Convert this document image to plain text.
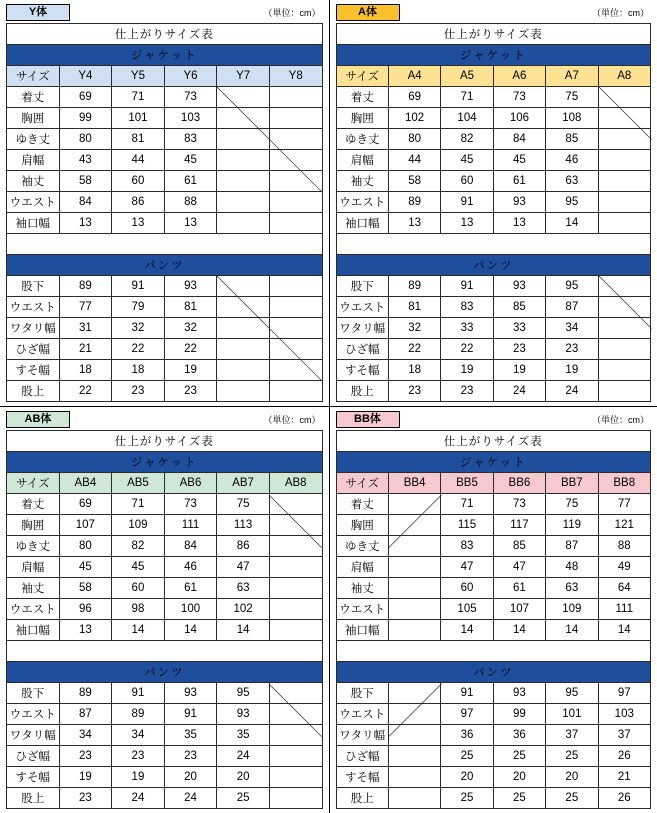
Y体	（単位：cm）
仕上がりサイズ表					
ジャケット					
サイズ	Y4	Y5	Y6	Y7	Y8
着丈	69	71	73		
胸囲	99	101	103		
ゆき丈	80	81	83		
肩幅	43	44	45		
袖丈	58	60	61		
ウエスト	84	86	88		
袖口幅	13	13	13		

パンツ					
股下	89	91	93		
ウエスト	77	79	81		
ワタリ幅	31	32	32		
ひざ幅	21	22	22		
すそ幅	18	18	19		
股上	22	23	23		
A体	（単位：cm）
仕上がりサイズ表					
ジャケット					
サイズ	A4	A5	A6	A7	A8
着丈	69	71	73	75	
胸囲	102	104	106	108	
ゆき丈	80	82	84	85	
肩幅	44	45	45	46	
袖丈	58	60	61	63	
ウエスト	89	91	93	95	
袖口幅	13	13	13	14	

パンツ					
股下	89	91	93	95	
ウエスト	81	83	85	87	
ワタリ幅	32	33	33	34	
ひざ幅	22	22	23	23	
すそ幅	18	19	19	19	
股上	23	23	24	24	
AB体	（単位：cm）
仕上がりサイズ表					
ジャケット					
サイズ	AB4	AB5	AB6	AB7	AB8
着丈	69	71	73	75	
胸囲	107	109	111	113	
ゆき丈	80	82	84	86	
肩幅	45	45	46	47	
袖丈	58	60	61	63	
ウエスト	96	98	100	102	
袖口幅	13	14	14	14	

パンツ					
股下	89	91	93	95	
ウエスト	87	89	91	93	
ワタリ幅	34	34	35	35	
ひざ幅	23	23	23	24	
すそ幅	19	19	20	20	
股上	23	24	24	25	
BB体	（単位：cm）
仕上がりサイズ表					
ジャケット					
サイズ	BB4	BB5	BB6	BB7	BB8
着丈		71	73	75	77
胸囲		115	117	119	121
ゆき丈		83	85	87	88
肩幅		47	47	48	49
袖丈		60	61	63	64
ウエスト		105	107	109	111
袖口幅		14	14	14	14

パンツ					
股下		91	93	95	97
ウエスト		97	99	101	103
ワタリ幅		36	36	37	37
ひざ幅		25	25	25	26
すそ幅		20	20	20	21
股上		25	25	25	26
